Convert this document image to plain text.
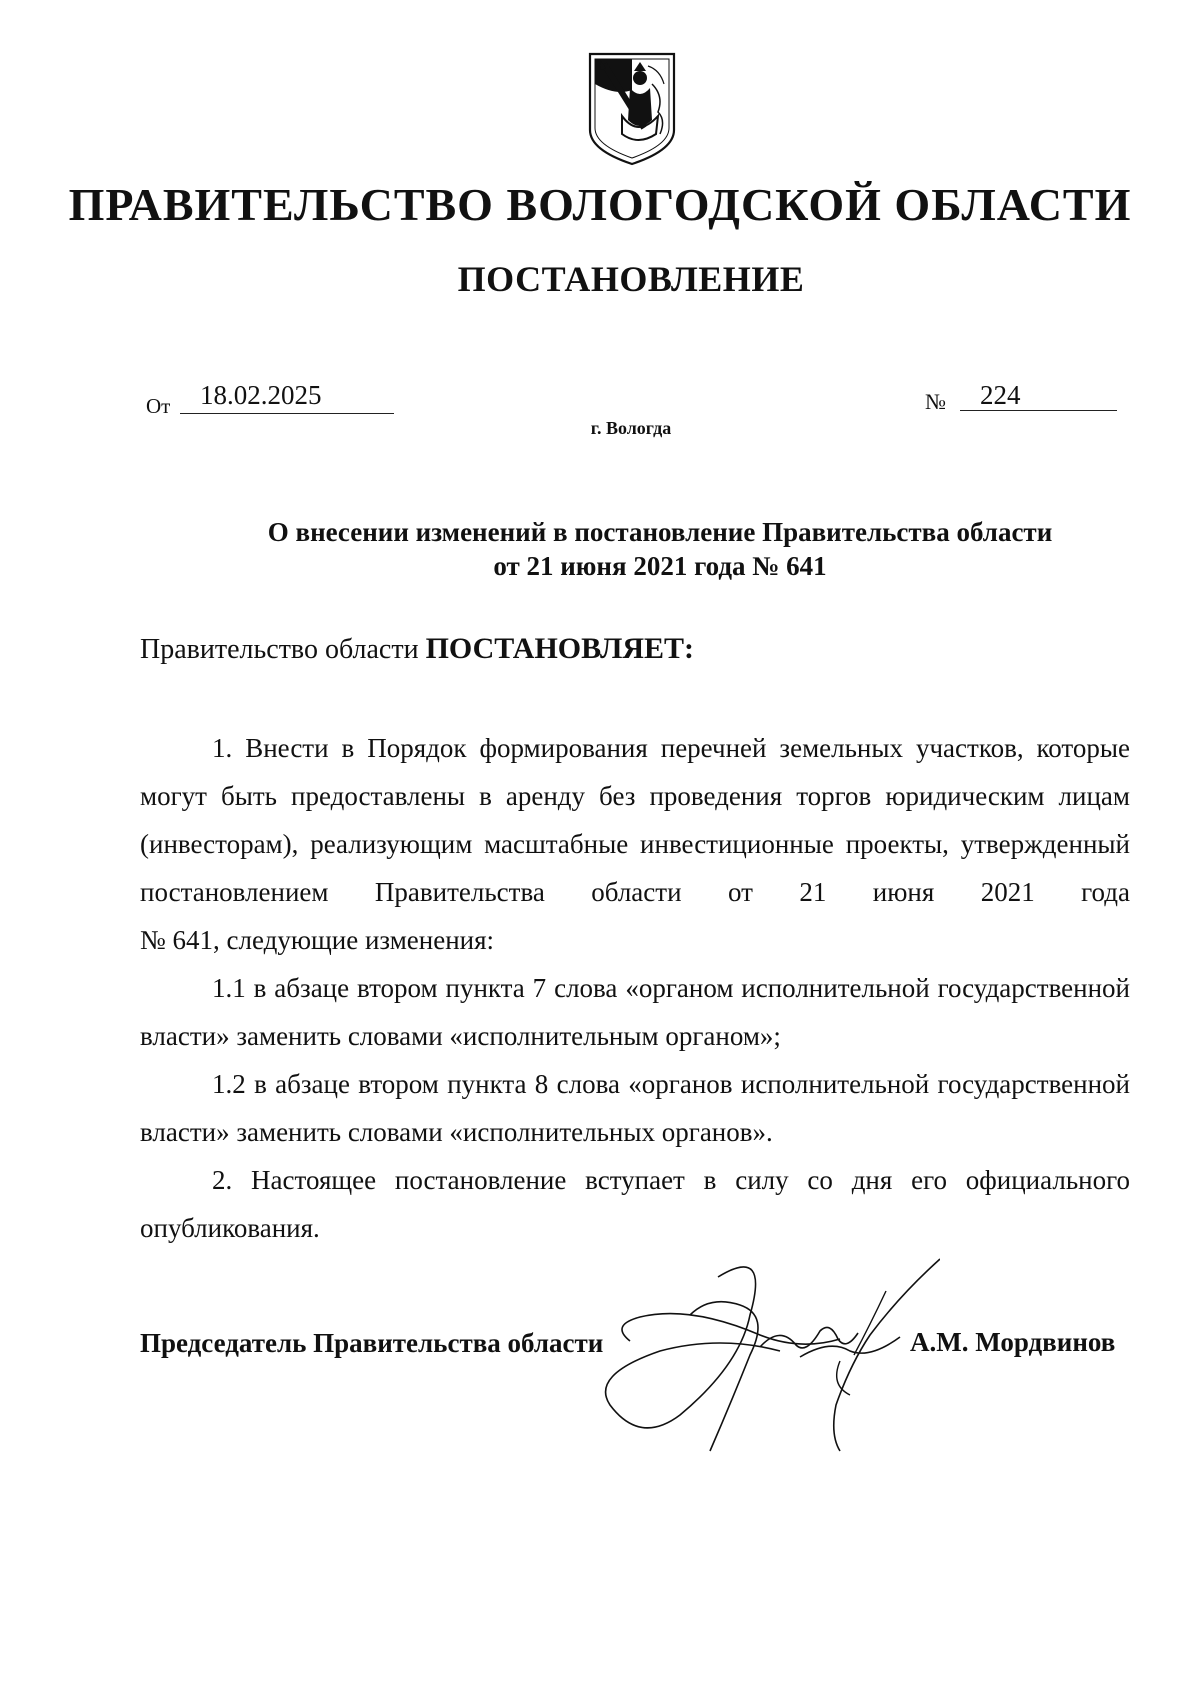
ПРАВИТЕЛЬСТВО ВОЛОГОДСКОЙ ОБЛАСТИ
ПОСТАНОВЛЕНИЕ
От 18.02.2025	№ 224
г. Вологда
О внесении изменений в постановление Правительства области
от 21 июня 2021 года № 641
Правительство области ПОСТАНОВЛЯЕТ:

1. Внести в Порядок формирования перечней земельных участков, которые могут быть предоставлены в аренду без проведения торгов юридическим лицам (инвесторам), реализующим масштабные инвестиционные проекты, утвержденный постановлением Правительства области от 21 июня 2021 года

№ 641, следующие изменения:

1.1 в абзаце втором пункта 7 слова «органом исполнительной государственной власти» заменить словами «исполнительным органом»;

1.2 в абзаце втором пункта 8 слова «органов исполнительной государственной власти» заменить словами «исполнительных органов».

2. Настоящее постановление вступает в силу со дня его официального опубликования.

Председатель Правительства области	А.М. Мордвинов
